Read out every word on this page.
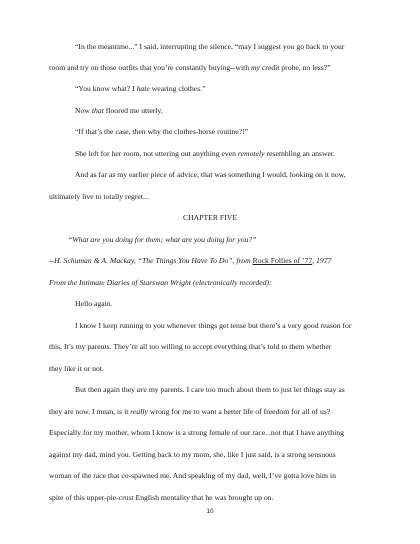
“In the meantime...” I said, interrupting the silence, “may I suggest you go back to your
room and try on those outfits that you’re constantly buying--with my credit probe, no less?”
“You know what? I hate wearing clothes.”
Now that floored me utterly.
“If that’s the case, then why the clothes-horse routine?!”
She left for her room, not uttering out anything even remotely resembling an answer.
And as far as my earlier piece of advice, that was something I would, looking on it now,
ultimately live to totally regret...
CHAPTER FIVE
“What are you doing for them; what are you doing for you?”
--H. Schuman & A. Mackay, “The Things You Have To Do”, from Rock Follies of ’77, 1977
From the Intimate Diaries of Starswan Wright (electronically recorded):
Hello again.
I know I keep running to you whenever things get tense but there’s a very good reason for
this. It’s my parents. They’re all too willing to accept everything that’s told to them whether
they like it or not.
But then again they are my parents. I care too much about them to just let things stay as
they are now. I mean, is it really wrong for me to want a better life of freedom for all of us?
Especially for my mother, whom I know is a strong female of our race...not that I have anything
against my dad, mind you. Getting back to my mom, she, like I just said, is a strong sensuous
woman of the race that co-spawned me. And speaking of my dad, well, I’ve gotta love him in
spite of this upper-pie-crust English mentality that he was brought up on.
10
